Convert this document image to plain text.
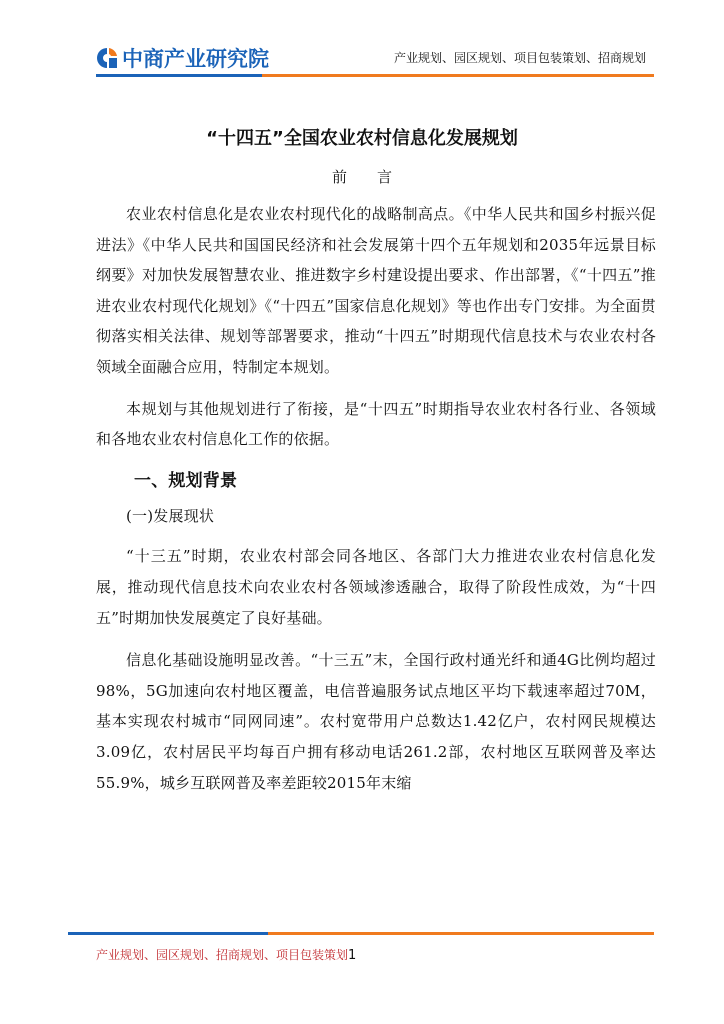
中商产业研究院	产业规划、园区规划、项目包装策划、招商规划
“十四五”全国农业农村信息化发展规划
前言

农业农村信息化是农业农村现代化的战略制高点。《中华人民共和国乡村振兴促进法》《中华人民共和国国民经济和社会发展第十四个五年规划和2035年远景目标纲要》对加快发展智慧农业、推进数字乡村建设提出要求、作出部署，《“十四五”推进农业农村现代化规划》《“十四五”国家信息化规划》等也作出专门安排。为全面贯彻落实相关法律、规划等部署要求，推动“十四五”时期现代信息技术与农业农村各领域全面融合应用，特制定本规划。

本规划与其他规划进行了衔接，是“十四五”时期指导农业农村各行业、各领域和各地农业农村信息化工作的依据。

一、规划背景

(一)发展现状

“十三五”时期，农业农村部会同各地区、各部门大力推进农业农村信息化发展，推动现代信息技术向农业农村各领域渗透融合，取得了阶段性成效，为“十四五”时期加快发展奠定了良好基础。

信息化基础设施明显改善。“十三五”末，全国行政村通光纤和通4G比例均超过98%，5G加速向农村地区覆盖，电信普遍服务试点地区平均下载速率超过70M，基本实现农村城市“同网同速”。农村宽带用户总数达1.42亿户，农村网民规模达3.09亿，农村居民平均每百户拥有移动电话261.2部，农村地区互联网普及率达55.9%，城乡互联网普及率差距较2015年末缩

产业规划、园区规划、招商规划、项目包装策划1
